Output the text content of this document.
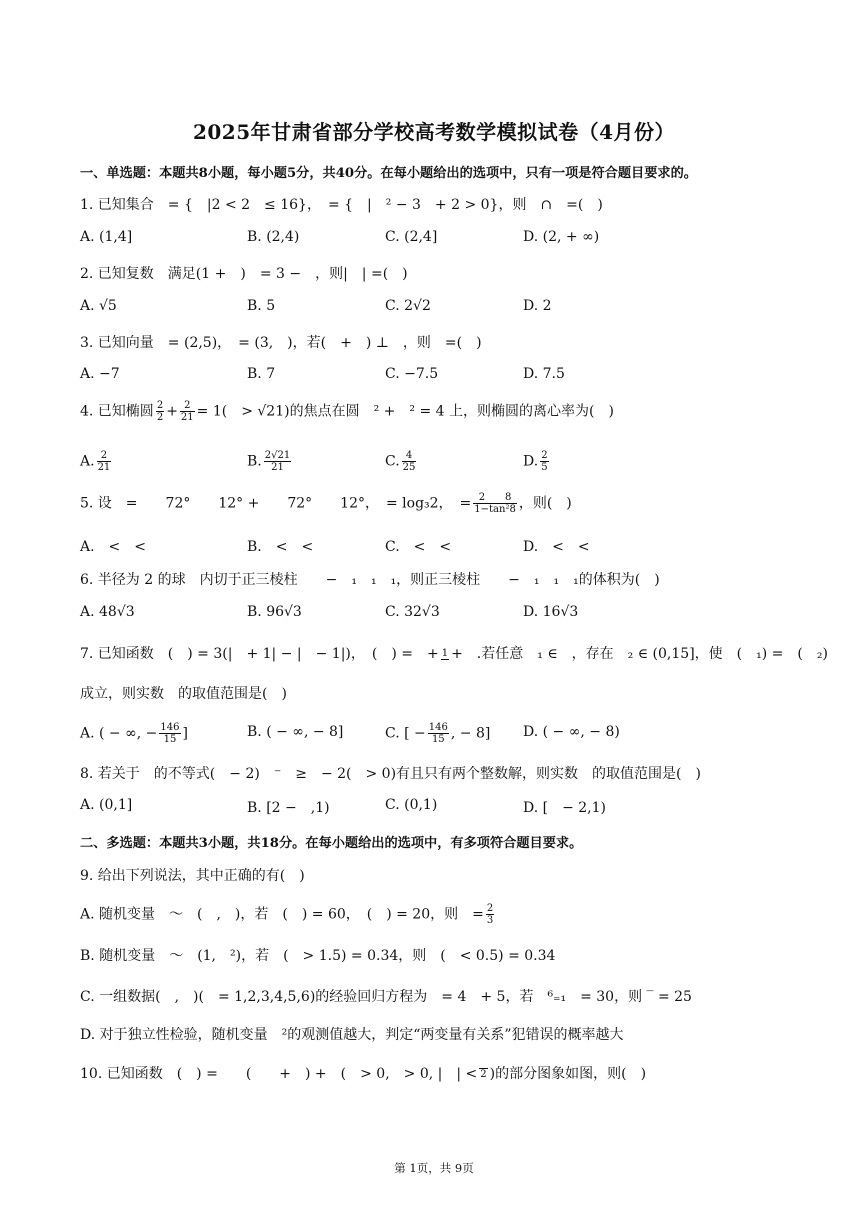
2025年甘肃省部分学校高考数学模拟试卷（4月份）
一、单选题：本题共8小题，每小题5分，共40分。在每小题给出的选项中，只有一项是符合题目要求的。
1. 已知集合　= {　|2 < 2　≤ 16}，　= {　|　² − 3　+ 2 > 0}，则　∩　=(　)
A. (1,4]	B. (2,4)	C. (2,4]	D. (2, + ∞)
2. 已知复数　满足(1 +　)　= 3 −　，则|　| =(　)
A. √5	B. 5	C. 2√2	D. 2
3. 已知向量　= (2,5)，　= (3,　)，若(　+　) ⊥　，则　=(　)
A. −7	B. 7	C. −7.5	D. 7.5
4. 已知椭圆 $\frac{2}{2} + \frac{2}{21} = 1$(　> √21)的焦点在圆　² +　² = 4 上，则椭圆的离心率为(　)
A. $\frac{2}{21}$	B. $\frac{2√21}{21}$	C. $\frac{4}{25}$	D. $\frac{2}{5}$
5. 设　=　　72°　　12° +　　72°　　12°，　= log₃2，　= $\frac{2 8}{\text{1−tan²8}}$ ，则(　)
A.　<　<	B.　<　<	C.　<　<	D.　<　<
6. 半径为 2 的球　内切于正三棱柱　　−　₁　₁　₁，则正三棱柱　　−　₁　₁　₁的体积为(　)
A. 48√3	B. 96√3	C. 32√3	D. 16√3
7. 已知函数　(　) = 3(|　+ 1| − |　− 1|)，　(　) =　+ 1 +　.若任意　₁ ∈　，存在　₂ ∈ (0,15]，使　(　₁) =　(　₂)
成立，则实数　的取值范围是(　)
A. ( − ∞, − $\frac{146}{15}$ ]	B. ( − ∞, − 8]	C. [ − $\frac{146}{15}$ , − 8] D. ( − ∞, − 8)
8. 若关于　的不等式(　− 2)　⁻　≥　− 2(　> 0)有且只有两个整数解，则实数　的取值范围是(　)
A. (0,1]	B. [2 −　,1)	C. (0,1)	D. [　− 2,1)
二、多选题：本题共3小题，共18分。在每小题给出的选项中，有多项符合题目要求。
9. 给出下列说法，其中正确的有(　)
A. 随机变量　～　(　,　)，若　(　) = 60，　(　) = 20，则　= $\frac{2}{3}$
B. 随机变量　～　(1,　²)，若　(　> 1.5) = 0.34，则　(　< 0.5) = 0.34
C. 一组数据(　,　)(　= 1,2,3,4,5,6)的经验回归方程为　= 4　+ 5，若　⁶₌₁　= 30，则 ‾ = 25
D. 对于独立性检验，随机变量　²的观测值越大，判定“两变量有关系”犯错误的概率越大
10. 已知函数　(　) =　　(　　+　) +　(　> 0,　> 0, |　| < 2 )的部分图象如图，则(　)
第 1页，共 9页
